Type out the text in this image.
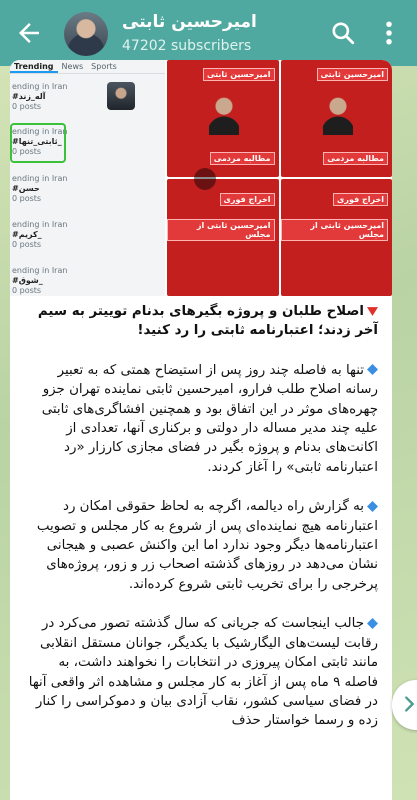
امیرحسین ثابتی
47202 subscribers
Trending	News	Sports
ending in Iran
#آله_زند
0 posts
ending in Iran
#ثابتی_تنها_
0 posts
ending in Iran
#حسن
0 posts
ending in Iran
#کریم_
0 posts
ending in Iran
#شوق_
0 posts
امیرحسین ثابتی
مطالبه مردمی
امیرحسین ثابتی
مطالبه مردمی
اخراج فوری
امیرحسین ثابتی از مجلس
اخراج فوری
امیرحسین ثابتی از مجلس
اصلاح طلبان و پروژه بگیرهای بدنام توییتر به سیم آخر زدند؛ اعتبارنامه ثابتی را رد کنید!

تنها به فاصله چند روز پس از استیضاح همتی که به تعبیر رسانه اصلاح طلب فرارو، امیرحسین ثابتی نماینده تهران جزو چهره‌های موثر در این اتفاق بود و همچنین افشاگری‌های ثابتی علیه چند مدیر مساله دار دولتی و برکناری آنها، تعدادی از اکانت‌های بدنام و پروژه بگیر در فضای مجازی کارزار «رد اعتبارنامه ثابتی» را آغاز کردند.

به گزارش راه دیالمه، اگرچه به لحاظ حقوقی امکان رد اعتبارنامه هیچ نماینده‌ای پس از شروع به کار مجلس و تصویب اعتبارنامه‌ها دیگر وجود ندارد اما این واکنش عصبی و هیجانی نشان می‌دهد در روزهای گذشته اصحاب زر و زور، پروژه‌های پرخرجی را برای تخریب ثابتی شروع کرده‌اند.

جالب اینجاست که جریانی که سال گذشته تصور می‌کرد در رقابت لیست‌های الیگارشیک با یکدیگر، جوانان مستقل انقلابی مانند ثابتی امکان پیروزی در انتخابات را نخواهند داشت، به فاصله ۹ ماه پس از آغاز به کار مجلس و مشاهده اثر واقعی آنها در فضای سیاسی کشور، نقاب آزادی بیان و دموکراسی را کنار زده و رسما خواستار حذف
